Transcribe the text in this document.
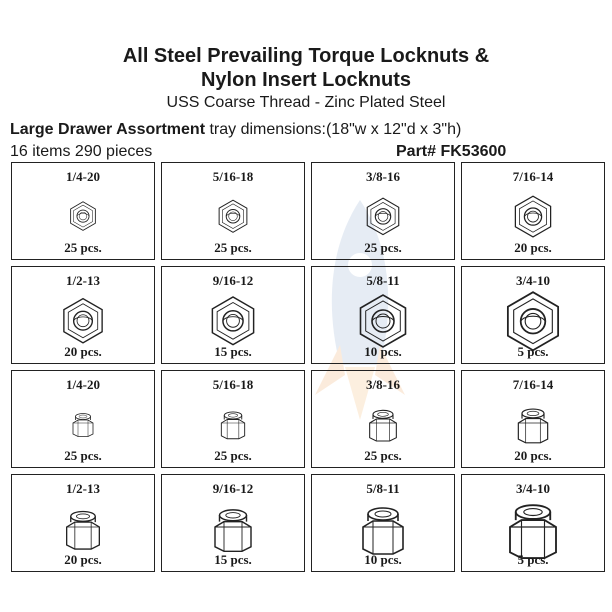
All Steel Prevailing Torque Locknuts &
Nylon Insert Locknuts
USS Coarse Thread - Zinc Plated Steel
Large Drawer Assortment tray dimensions:(18"w x 12"d x 3"h)
16 items 290 pieces	Part# FK53600
1/4-20
25 pcs.
5/16-18
25 pcs.
3/8-16
25 pcs.
7/16-14
20 pcs.
1/2-13
20 pcs.
9/16-12
15 pcs.
5/8-11
10 pcs.
3/4-10
5 pcs.
1/4-20
25 pcs.
5/16-18
25 pcs.
3/8-16
25 pcs.
7/16-14
20 pcs.
1/2-13
20 pcs.
9/16-12
15 pcs.
5/8-11
10 pcs.
3/4-10
5 pcs.
